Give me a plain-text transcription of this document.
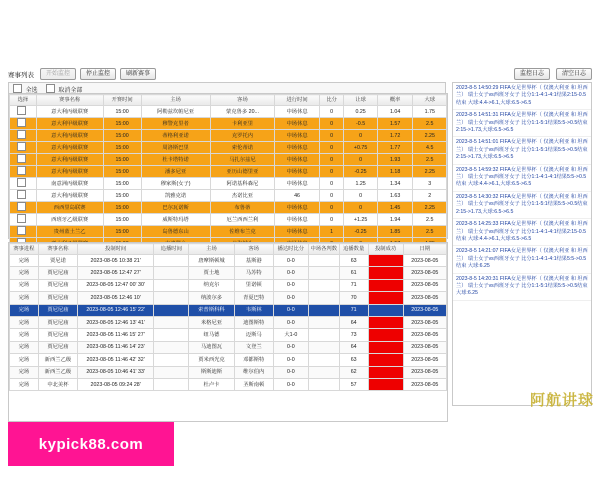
赛事列表	开始监控	停止监控	刷新赛事	监控日志	清空日志
全选	取消全部
选择	赛事名称	开赛时间	主场	客场	进行时间	比分	让球	概率	大球
	意大利丙级联赛	15:00	阿勒兹坎帕尼亚	蒙克鲁多 20...	中场休息	0	0.25	1.04	1.75
	意大利甲级联赛	15:00	穆警克里者	卡利亚里	中场休息	0	-0.5	1.57	2.5
	意大利丙级联赛	15:00	蒂格利亚诺	克罗托内	中场休息	0	0	1.72	2.25
	意大利丙级联赛	15:00	周洛斯巴里	索伦蒂诺	中场休息	0	+0.75	1.77	4.5
	意大利丙级联赛	15:00	杜卡塔特诺	马扎尔兹尼	中场休息	0	0	1.93	2.5
	意大利丙级联赛	15:00	潘多尼亚	亚历山德里亚	中场休息	0	-0.25	1.18	2.25
	南意洲丙级联赛	15:00	穆家斯(女子)	阿诺基科森尼	中场休息	0	1.25	1.34	3
	意大利丙级联赛	15:00	凯雅克诺	杰诺比亚	46	0	0	1.63	2
	西西里岛联赛	15:00	巴尔瓦诺斯	布鲁蒂	中场休息	0	0	1.45	2.25
	西班牙乙级联赛	15:00	威斯特玛塔	厄兰西西兰利	中场休息	0	+1.25	1.94	2.5
	贵州蓝土兰乙	15:00	岛鲁德东山	佐维布兰克	中场休息	1	-0.25	1.85	2.5

赛事进程	赛事名称	投制时间	追播时间	主场	客场	播达时比分	中场各判数	追播数量	投制成功	日期
完场	贾尼诺	2023-08-05 10:38 21'		唐摩斯顿城	基斯港	0-0		63		2023-08-05
完场	贾尼尼庙	2023-08-05 12:47 27'		贾士地	马苏特	0-0		61		2023-08-05
完场	贾尼尼庙	2023-08-05 12:47 00' 30'		纳克尔	里诺顿	0-0		71		2023-08-05
完场	贾尼尼庙	2023-08-05 12:46 10'		纳波尔多	青夏巴特	0-0		70		2023-08-05
完场	贾尼尼庙	2023-08-05 12:46 15' 22'		索普斯科科	韦斯林	0-0		71		2023-08-05
完场	贾尼尼庙	2023-08-05 12:46 13' 41'		米格尼亚	迪图斯特	0-0		64		2023-08-05
完场	贾尼尼庙	2023-08-05 11:46 15' 27'		纽马德	迈斯马	大1-0		73		2023-08-05
完场	贾尼尼庙	2023-08-05 11:46 14' 23'		马迪图瓦	文登兰	0-0		64		2023-08-05
完场	新西兰乙级	2023-08-05 11:46 42' 32'		贾米西光克	邓都斯特	0-0		63		2023-08-05
完场	新西兰乙级	2023-08-05 10:46 41' 33'		斯斯迪斯	维尔伯内	0-0		62		2023-08-05
完场	中北美杯	2023-08-05 09:24 28'		杜卢卡	圣斯南顿	0-0		57		2023-08-05
2023-8-5 14:50:29 FIFA女足世界杯（ 仅澳大利亚 和 坦西兰） 瑞士女子vs西班牙女子 比分1:1-4:1-4:1结果2:15-0.5结束 大球:4.4->6.1,大球:6.5->6.5
2023-8-5 14:51:31 FIFA女足世界杯（ 仅澳大利亚 和 坦西兰） 瑞士女子vs西班牙女子 比分1:1-5:1结果5:5->0.5结束 2:15->1.73,大球:6.5->6.5
2023-8-5 14:51:01 FIFA女足世界杯（ 仅澳大利亚 和 坦西兰） 瑞士女子vs西班牙女子 比分1:1-5:1结果5:5->0.5结束 2:15->1.73,大球:6.5->6.5
2023-8-5 14:59:32 FIFA女足世界杯（ 仅澳大利亚 和 坦西兰） 瑞士女子vs西班牙女子 比分1:1-4:1-4:1结果5:5->0.5结束 大球:4.4->6.1,大球:6.5->6.5
2023-8-5 14:30:32 FIFA女足世界杯（ 仅澳大利亚 和 坦西兰） 瑞士女子vs西班牙女子 比分1:1-5:1结果5:5->0.5结束 2:15->1.73,大球:6.5->6.5
2023-8-5 14:25:33 FIFA女足世界杯（ 仅澳大利亚 和 坦西兰） 瑞士女子vs西班牙女子 比分1:1-4:1-4:1结果2:15-0.5结束 大球:4.4->6.1,大球:6.5->6.5
2023-8-5 14:21:07 FIFA女足世界杯（ 仅澳大利亚 和 坦西兰） 瑞士女子vs西班牙女子 比分1:1-4:1-4:1结果5:5->0.5结束 大球:6.25
2023-8-5 14:20:31 FIFA女足世界杯（ 仅澳大利亚 和 坦西兰） 瑞士女子vs西班牙女子 比分1:1-5:1结果5:5->0.5结束 大球:6.25
阿航讲球
kypick88.com
